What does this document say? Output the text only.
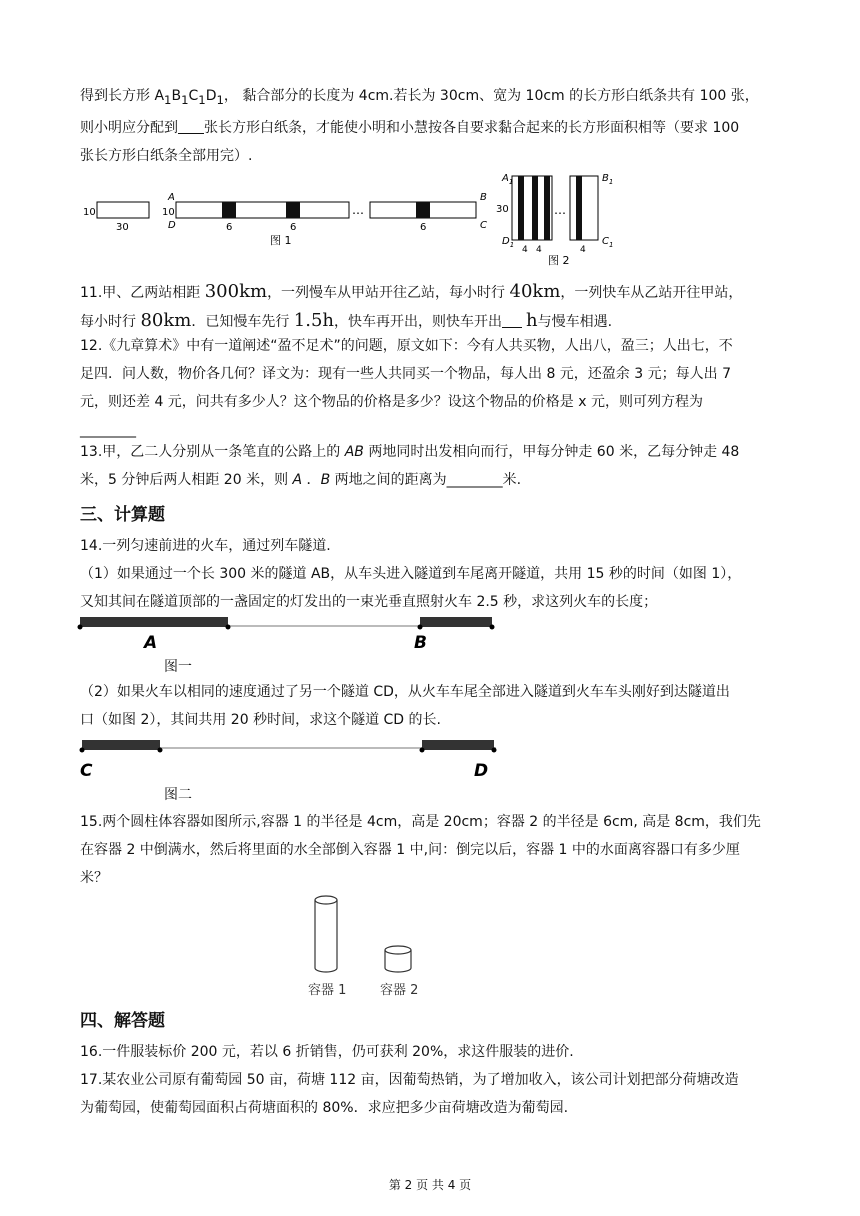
得到长方形 $A_1B_1C_1D_1$， 黏合部分的长度为 4cm.若长为 30cm、宽为 10cm 的长方形白纸条共有 100 张，
则小明应分配到 张长方形白纸条，才能使小明和小慧按各自要求黏合起来的长方形面积相等（要求 100
张长方形白纸条全部用完）.
10
30
A
D
10
6	6
…
6
B
C
图 1
$A_1$
30
$D_1$ 4 4
…
4
$B_1$
$C_1$
图 2
11.甲、乙两站相距 300km，一列慢车从甲站开往乙站，每小时行 40km，一列快车从乙站开往甲站，
每小时行 80km．已知慢车先行 1.5h，快车再开出，则快车开出 h与慢车相遇.
12.《九章算术》中有一道阐述“盈不足术”的问题，原文如下：今有人共买物，人出八，盈三；人出七，不
足四．问人数，物价各几何？译文为：现有一些人共同买一个物品，每人出 8 元，还盈余 3 元；每人出 7
元，则还差 4 元，问共有多少人？这个物品的价格是多少？设这个物品的价格是 x 元，则可列方程为
________
13.甲，乙二人分别从一条笔直的公路上的 AB 两地同时出发相向而行，甲每分钟走 60 米，乙每分钟走 48
米，5 分钟后两人相距 20 米，则 A ．B 两地之间的距离为________米.
三、计算题
14.一列匀速前进的火车，通过列车隧道.
（1）如果通过一个长 300 米的隧道 AB，从车头进入隧道到车尾离开隧道，共用 15 秒的时间（如图 1），
又知其间在隧道顶部的一盏固定的灯发出的一束光垂直照射火车 2.5 秒，求这列火车的长度；
A	B
图一
（2）如果火车以相同的速度通过了另一个隧道 CD，从火车车尾全部进入隧道到火车车头刚好到达隧道出
口（如图 2），其间共用 20 秒时间，求这个隧道 CD 的长.
C	D
图二
15.两个圆柱体容器如图所示,容器 1 的半径是 4cm，高是 20cm；容器 2 的半径是 6cm, 高是 8cm，我们先
在容器 2 中倒满水，然后将里面的水全部倒入容器 1 中,问：倒完以后，容器 1 中的水面离容器口有多少厘
米？
容器 1	容器 2
四、解答题
16.一件服装标价 200 元，若以 6 折销售，仍可获利 20%，求这件服装的进价.
17.某农业公司原有葡萄园 50 亩，荷塘 112 亩，因葡萄热销，为了增加收入，该公司计划把部分荷塘改造
为葡萄园，使葡萄园面积占荷塘面积的 80%．求应把多少亩荷塘改造为葡萄园.
第 2 页 共 4 页
